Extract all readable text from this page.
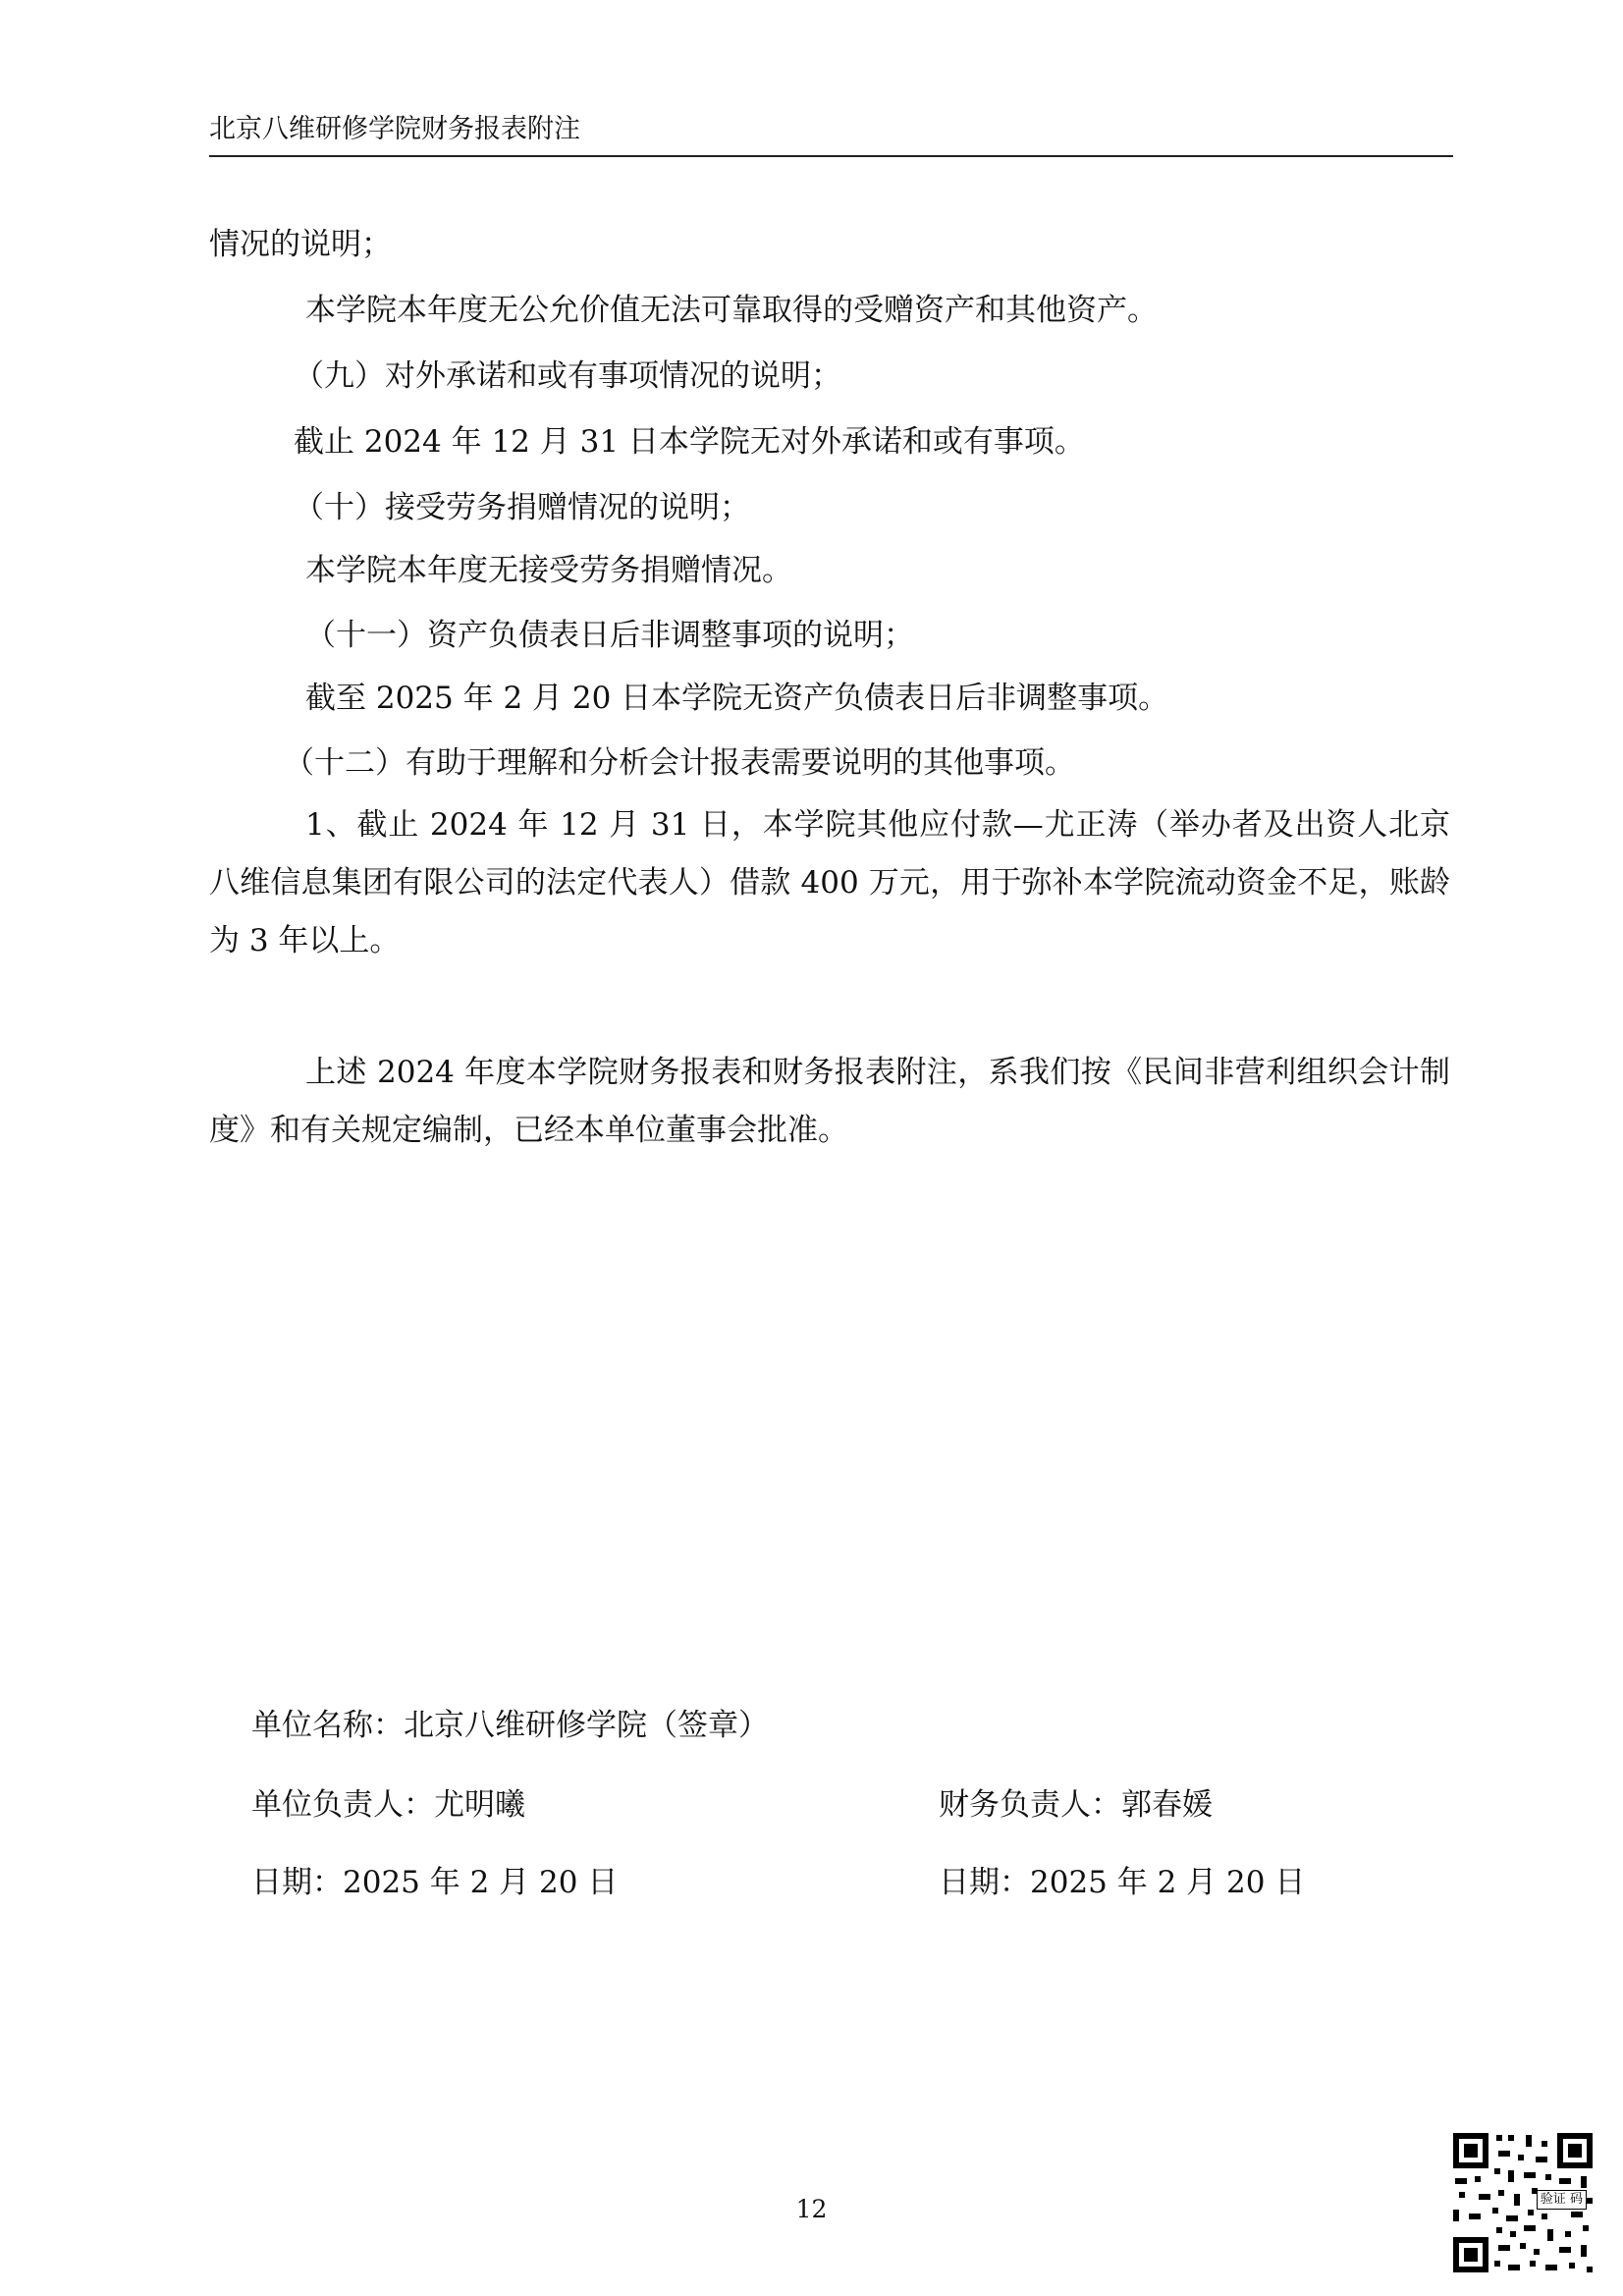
北京八维研修学院财务报表附注
情况的说明；
本学院本年度无公允价值无法可靠取得的受赠资产和其他资产。
（九）对外承诺和或有事项情况的说明；
截止 2024 年 12 月 31 日本学院无对外承诺和或有事项。
（十）接受劳务捐赠情况的说明；
本学院本年度无接受劳务捐赠情况。
（十一）资产负债表日后非调整事项的说明；
截至 2025 年 2 月 20 日本学院无资产负债表日后非调整事项。
（十二）有助于理解和分析会计报表需要说明的其他事项。
1、截止 2024 年 12 月 31 日，本学院其他应付款—尤正涛（举办者及出资人北京八维信息集团有限公司的法定代表人）借款 400 万元，用于弥补本学院流动资金不足，账龄为 3 年以上。
上述 2024 年度本学院财务报表和财务报表附注，系我们按《民间非营利组织会计制度》和有关规定编制，已经本单位董事会批准。
单位名称：北京八维研修学院（签章）
单位负责人：尤明曦	财务负责人：郭春媛
日期：2025 年 2 月 20 日	日期：2025 年 2 月 20 日
12	验证 码
